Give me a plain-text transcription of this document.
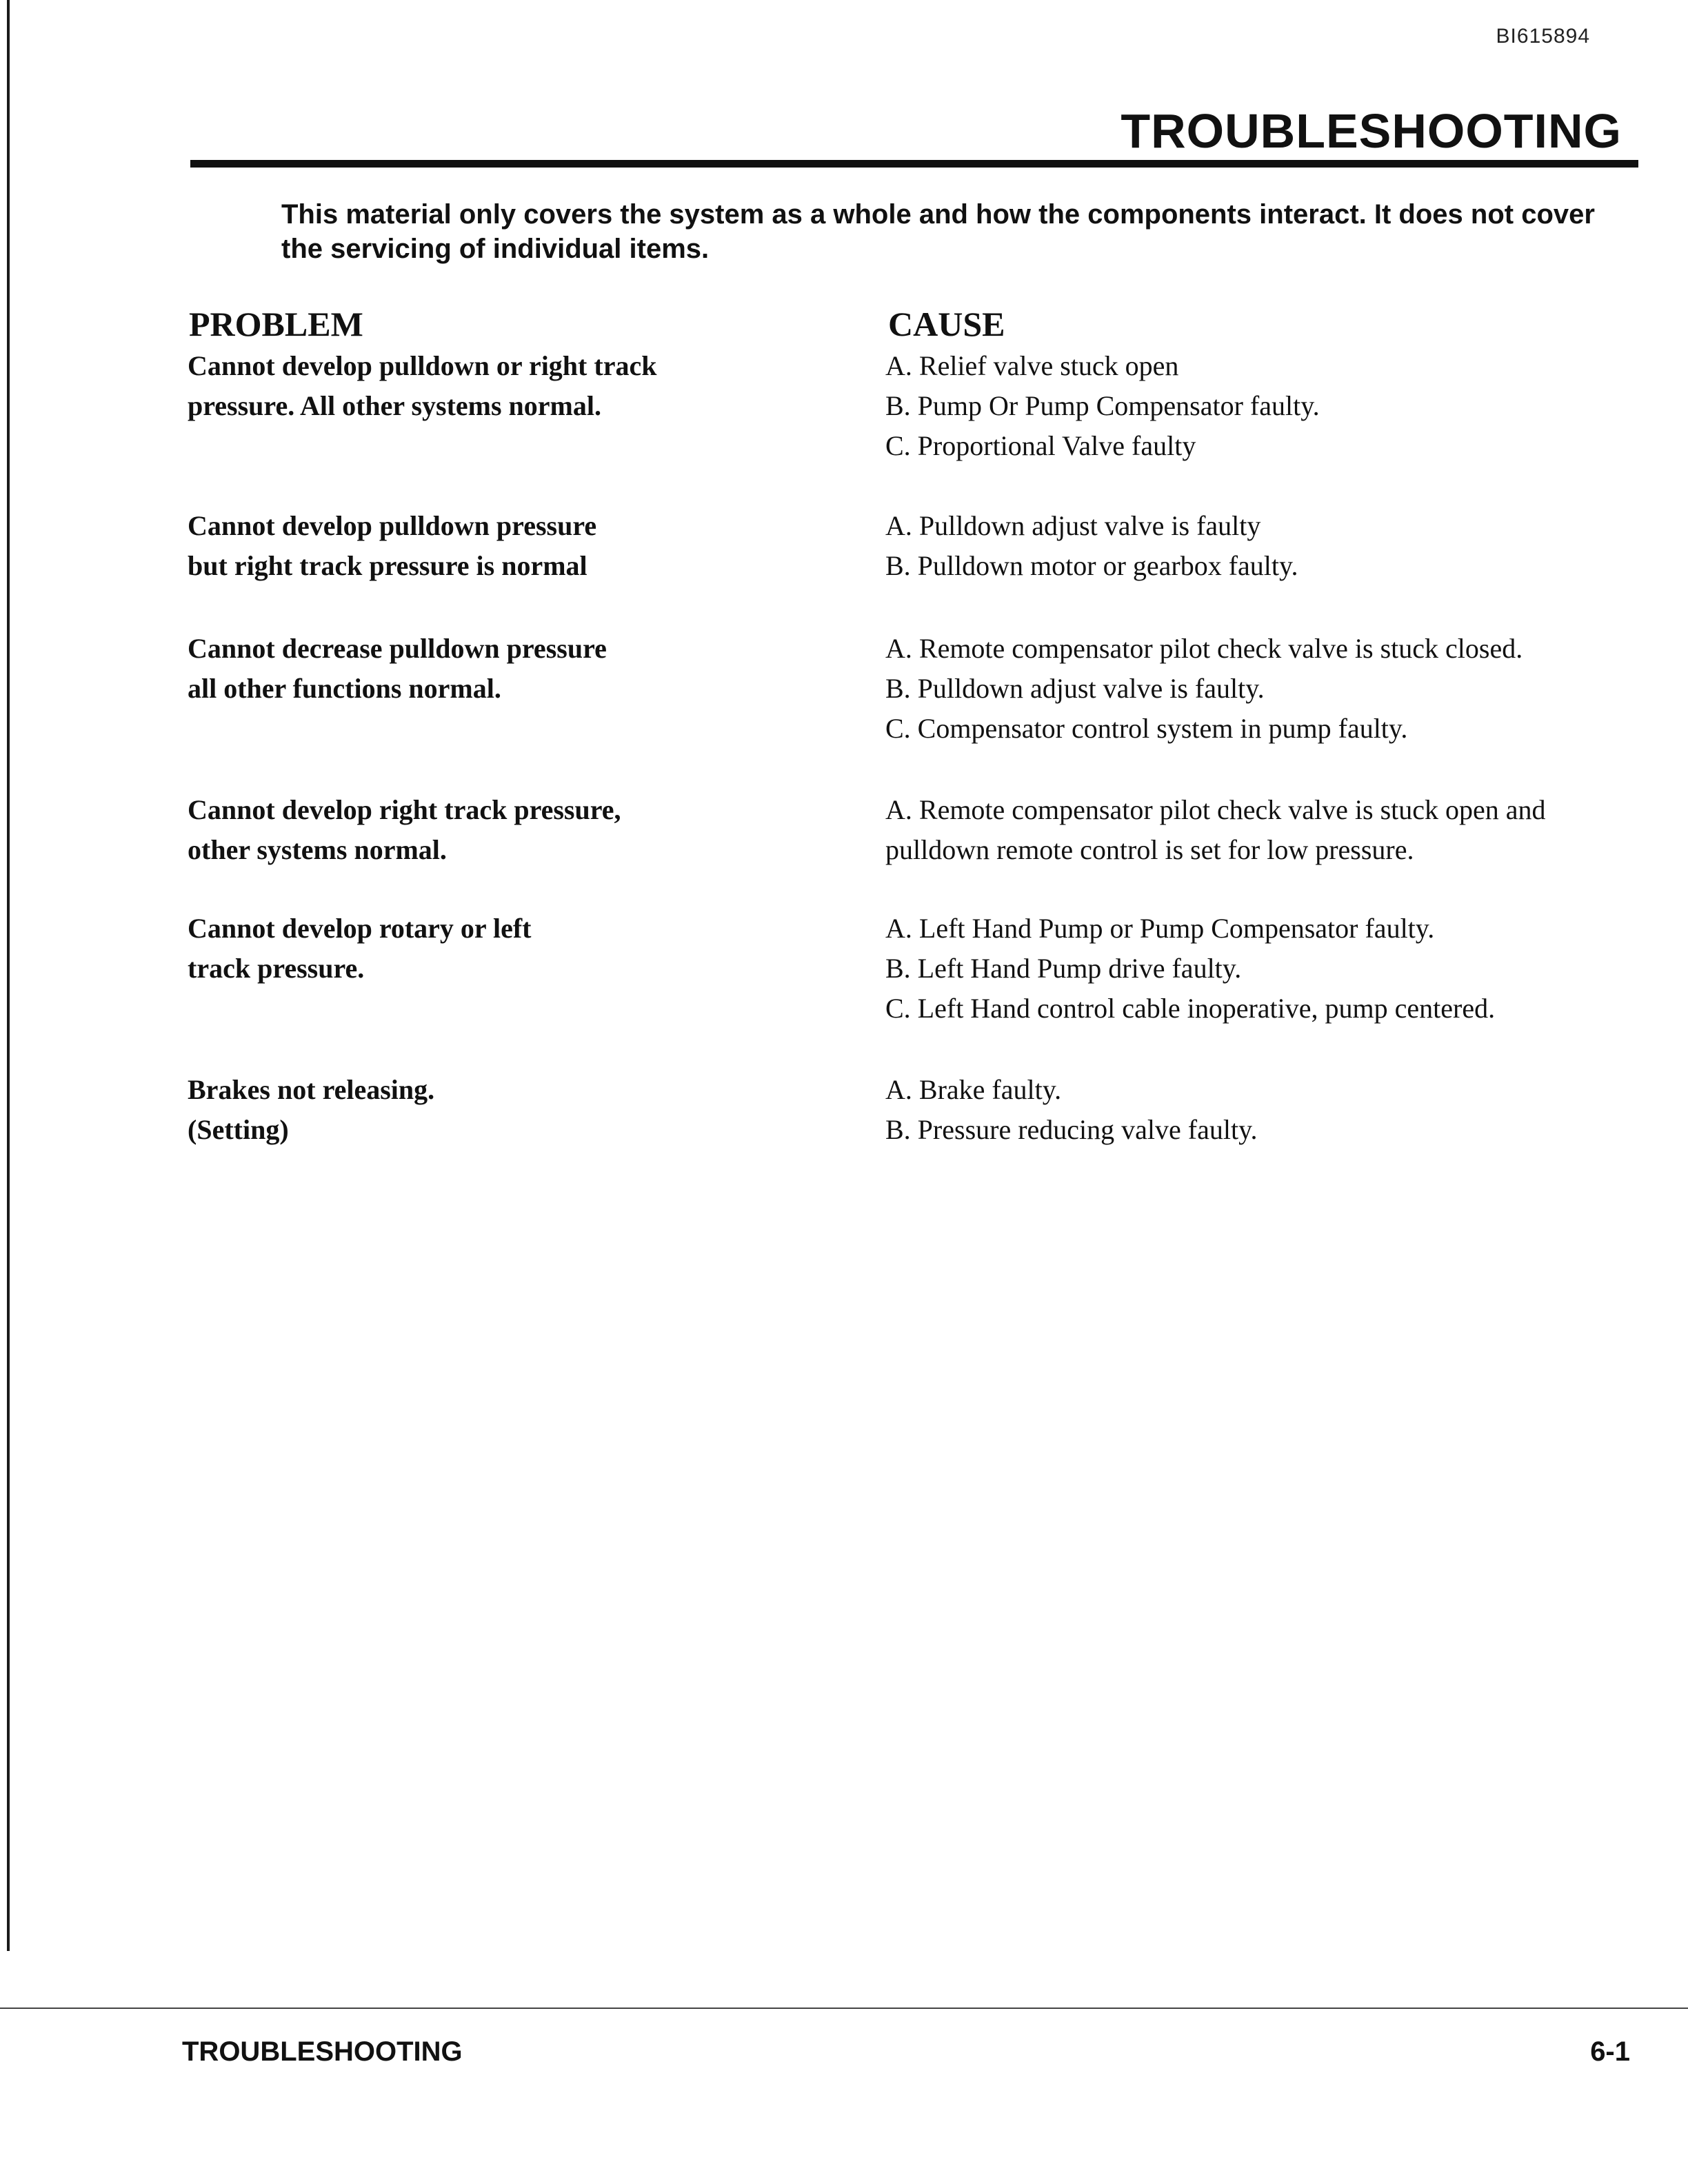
BI615894
TROUBLESHOOTING
This material only covers the system as a whole and how the components interact. It does not cover the servicing of individual items.
PROBLEM	CAUSE
Cannot develop pulldown or right track
pressure. All other systems normal.
A. Relief valve stuck open
B. Pump Or Pump Compensator faulty.
C. Proportional Valve faulty
Cannot develop pulldown pressure
but right track pressure is normal
A. Pulldown adjust valve is faulty
B. Pulldown motor or gearbox faulty.
Cannot decrease pulldown pressure
all other functions normal.
A. Remote compensator pilot check valve is stuck closed.
B. Pulldown adjust valve is faulty.
C. Compensator control system in pump faulty.
Cannot develop right track pressure,
other systems normal.
A. Remote compensator pilot check valve is stuck open and
pulldown remote control is set for low pressure.
Cannot develop rotary or left
track pressure.
A. Left Hand Pump or Pump Compensator faulty.
B. Left Hand Pump drive faulty.
C. Left Hand control cable inoperative, pump centered.
Brakes not releasing.
(Setting)
A. Brake faulty.
B. Pressure reducing valve faulty.
TROUBLESHOOTING	6-1
